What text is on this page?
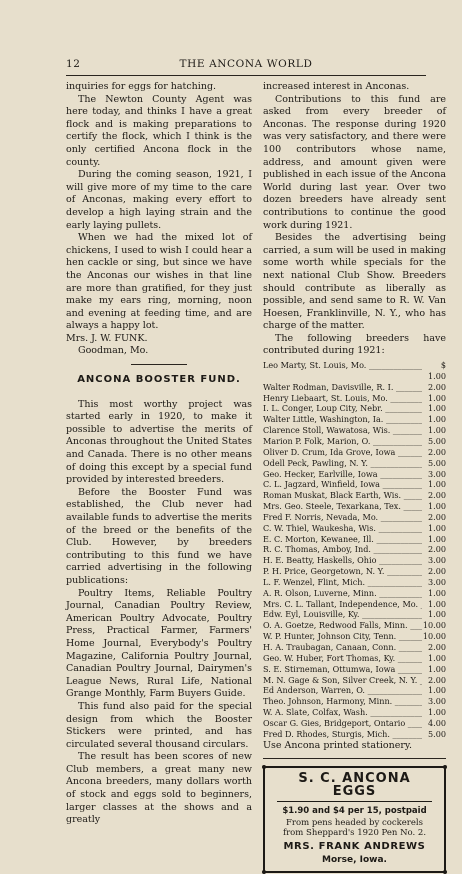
12	THE ANCONA WORLD

inquiries for eggs for hatching.

The Newton County Agent was here today, and thinks I have a great flock and is making preparations to certify the flock, which I think is the only certified Ancona flock in the county.

During the coming season, 1921, I will give more of my time to the care of Anconas, making every effort to develop a high laying strain and the early laying pullets.

When we had the mixed lot of chickens, I used to wish I could hear a hen cackle or sing, but since we have the Anconas our wishes in that line are more than gratified, for they just make my ears ring, morning, noon and evening at feeding time, and are always a happy lot.

Mrs. J. W. FUNK.

Goodman, Mo.

ANCONA BOOSTER FUND.

This most worthy project was started early in 1920, to make it possible to advertise the merits of Anconas throughout the United States and Canada. There is no other means of doing this except by a special fund provided by interested breeders.

Before the Booster Fund was established, the Club never had available funds to advertise the merits of the breed or the benefits of the Club. However, by breeders contributing to this fund we have carried advertising in the following publications:

Poultry Items, Reliable Poultry Journal, Canadian Poultry Review, American Poultry Advocate, Poultry Press, Practical Farmer, Farmers' Home Journal, Everybody's Poultry Magazine, California Poultry Journal, Canadian Poultry Journal, Dairymen's League News, Rural Life, National Grange Monthly, Farm Buyers Guide.

This fund also paid for the special design from which the Booster Stickers were printed, and has circulated several thousand circulars.

The result has been scores of new Club members, a great many new Ancona breeders, many dollars worth of stock and eggs sold to beginners, larger classes at the shows and a greatly

increased interest in Anconas.

Contributions to this fund are asked from every breeder of Anconas. The response during 1920 was very satisfactory, and there were 100 contributors whose name, address, and amount given were published in each issue of the Ancona World during last year. Over two dozen breeders have already sent contributions to continue the good work during 1921.

Besides the advertising being carried, a sum will be used in making some worth while specials for the next national Club Show. Breeders should contribute as liberally as possible, and send same to R. W. Van Hoesen, Franklinville, N. Y., who has charge of the matter.

The following breeders have contributed during 1921:

Leo Marty, St. Louis, Mo. _____	$ 1.00
Walter Rodman, Davisville, R. I. _____	2.00
Henry Liebaart, St. Louis, Mo. _____	1.00
I. L. Conger, Loup City, Nebr. _____	1.00
Walter Little, Washington, Ia. _____	1.00
Clarence Stoll, Wawatosa, Wis. _____	1.00
Marion P. Folk, Marion, O. _____	5.00
Oliver D. Crum, Ida Grove, Iowa _____	2.00
Odell Peck, Pawling, N. Y. _____	5.00
Geo. Hecker, Earlville, Iowa _____	3.00
C. L. Jagzard, Winfield, Iowa _____	1.00
Roman Muskat, Black Earth, Wis. _____	2.00
Mrs. Geo. Steele, Texarkana, Tex. _____	1.00
Fred F. Norris, Nevada, Mo. _____	2.00
C. W. Thiel, Waukesha, Wis. _____	1.00
E. C. Morton, Kewanee, Ill. _____	1.00
R. C. Thomas, Amboy, Ind. _____	2.00
H. E. Beatty, Haskells, Ohio _____	3.00
P. H. Price, Georgetown, N. Y. _____	2.00
L. F. Wenzel, Flint, Mich. _____	3.00
A. R. Olson, Luverne, Minn. _____	1.00
Mrs. C. L. Tallant, Independence, Mo. _____	1.00
Edw. Eyl, Louisville, Ky. _____	1.00
O. A. Goetze, Redwood Falls, Minn. _____	10.00
W. P. Hunter, Johnson City, Tenn. _____	10.00
H. A. Traubagan, Canaan, Conn. _____	2.00
Geo. W. Huber, Fort Thomas, Ky. _____	1.00
S. E. Stirneman, Ottumwa, Iowa _____	1.00
M. N. Gage & Son, Silver Creek, N. Y. _____	2.00
Ed Anderson, Warren, O. _____	1.00
Theo. Johnson, Harmony, Minn. _____	3.00
W. A. Slate, Colfax, Wash. _____	1.00
Oscar G. Gies, Bridgeport, Ontario _____	4.00
Fred D. Rhodes, Sturgis, Mich. _____	5.00

Use Ancona printed stationery.

S. C. ANCONA EGGS
$1.90 and $4 per 15, postpaid
From pens headed by cockerels
from Sheppard's 1920 Pen No. 2.
MRS. FRANK ANDREWS
Morse, Iowa.
